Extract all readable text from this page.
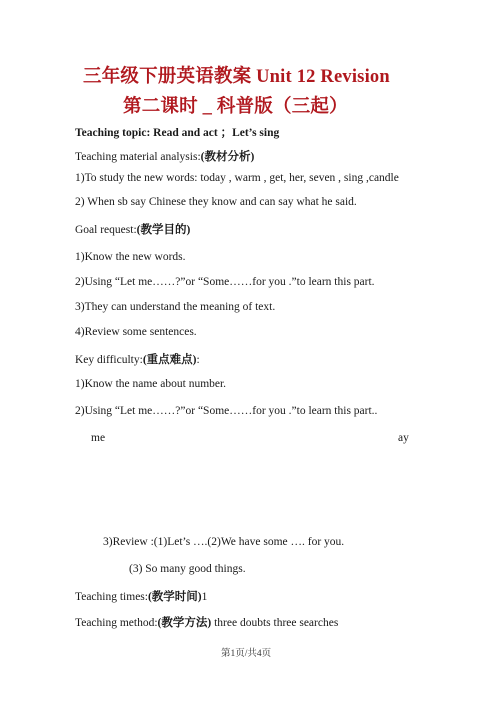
三年级下册英语教案 Unit 12 Revision
第二课时 _ 科普版（三起）
Teaching topic: Read and act ；Let’s sing
Teaching material analysis:(教材分析)
1)To study the new words: today , warm , get, her, seven , sing ,candle
2) When sb say Chinese they know and can say what he said.
Goal request:(教学目的)
1)Know the new words.
2)Using “Let me……?”or “Some……for you .”to learn this part.
3)They can understand the meaning of text.
4)Review some sentences.
Key difficulty:(重点难点):
1)Know the name about number.
2)Using “Let me……?”or “Some……for you .”to learn this part..
me	ay
3)Review :(1)Let’s ….(2)We have some …. for you.
(3) So many good things.
Teaching times:(教学时间)1
Teaching method:(教学方法) three doubts three searches
第1页/共4页
